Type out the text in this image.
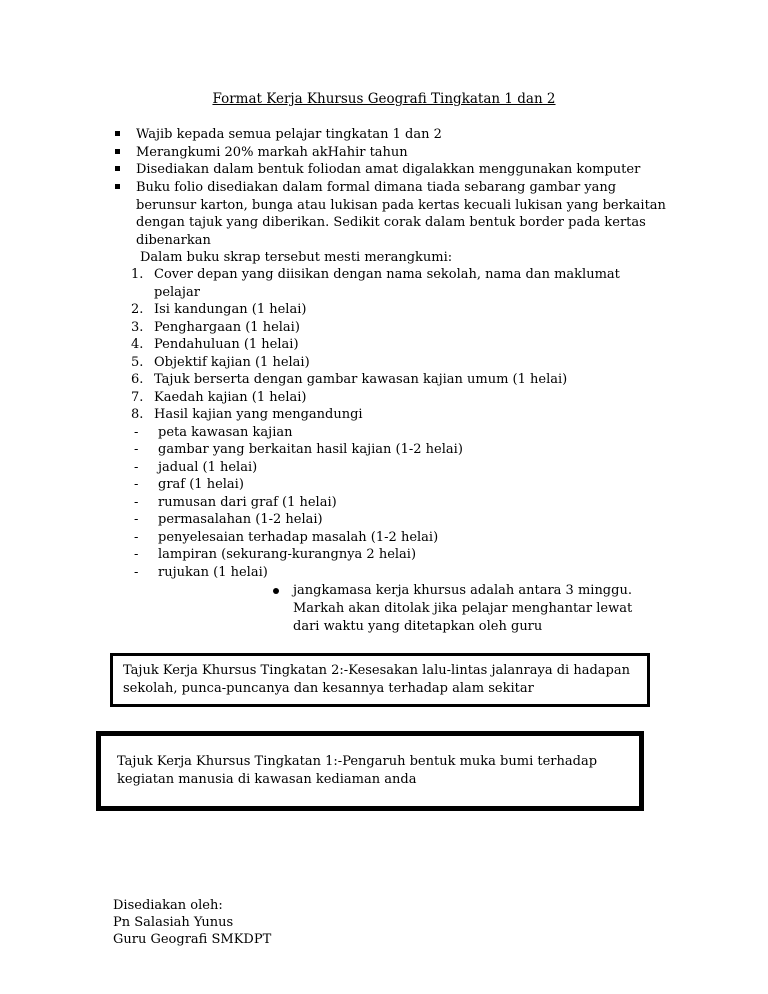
Format Kerja Khursus Geografi Tingkatan 1 dan 2
Wajib kepada semua pelajar tingkatan 1 dan 2
Merangkumi 20% markah akHahir tahun
Disediakan dalam bentuk foliodan amat digalakkan menggunakan komputer
Buku folio disediakan dalam formal dimana tiada sebarang gambar yang
berunsur karton, bunga atau lukisan pada kertas kecuali lukisan yang berkaitan
dengan tajuk yang diberikan. Sedikit corak dalam bentuk border pada kertas
dibenarkan
Dalam buku skrap tersebut mesti merangkumi:
1. Cover depan yang diisikan dengan nama sekolah, nama dan maklumat
pelajar
2. Isi kandungan (1 helai)
3. Penghargaan (1 helai)
4. Pendahuluan (1 helai)
5. Objektif kajian (1 helai)
6. Tajuk berserta dengan gambar kawasan kajian umum (1 helai)
7. Kaedah kajian (1 helai)
8. Hasil kajian yang mengandungi
- peta kawasan kajian
- gambar yang berkaitan hasil kajian (1-2 helai)
- jadual (1 helai)
- graf (1 helai)
- rumusan dari graf (1 helai)
- permasalahan (1-2 helai)
- penyelesaian terhadap masalah (1-2 helai)
- lampiran (sekurang-kurangnya 2 helai)
- rujukan (1 helai)
jangkamasa kerja khursus adalah antara 3 minggu.
Markah akan ditolak jika pelajar menghantar lewat
dari waktu yang ditetapkan oleh guru
Tajuk Kerja Khursus Tingkatan 2:-Kesesakan lalu-lintas jalanraya di hadapan
sekolah, punca-puncanya dan kesannya terhadap alam sekitar
Tajuk Kerja Khursus Tingkatan 1:-Pengaruh bentuk muka bumi terhadap
kegiatan manusia di kawasan kediaman anda
Disediakan oleh:
Pn Salasiah Yunus
Guru Geografi SMKDPT
